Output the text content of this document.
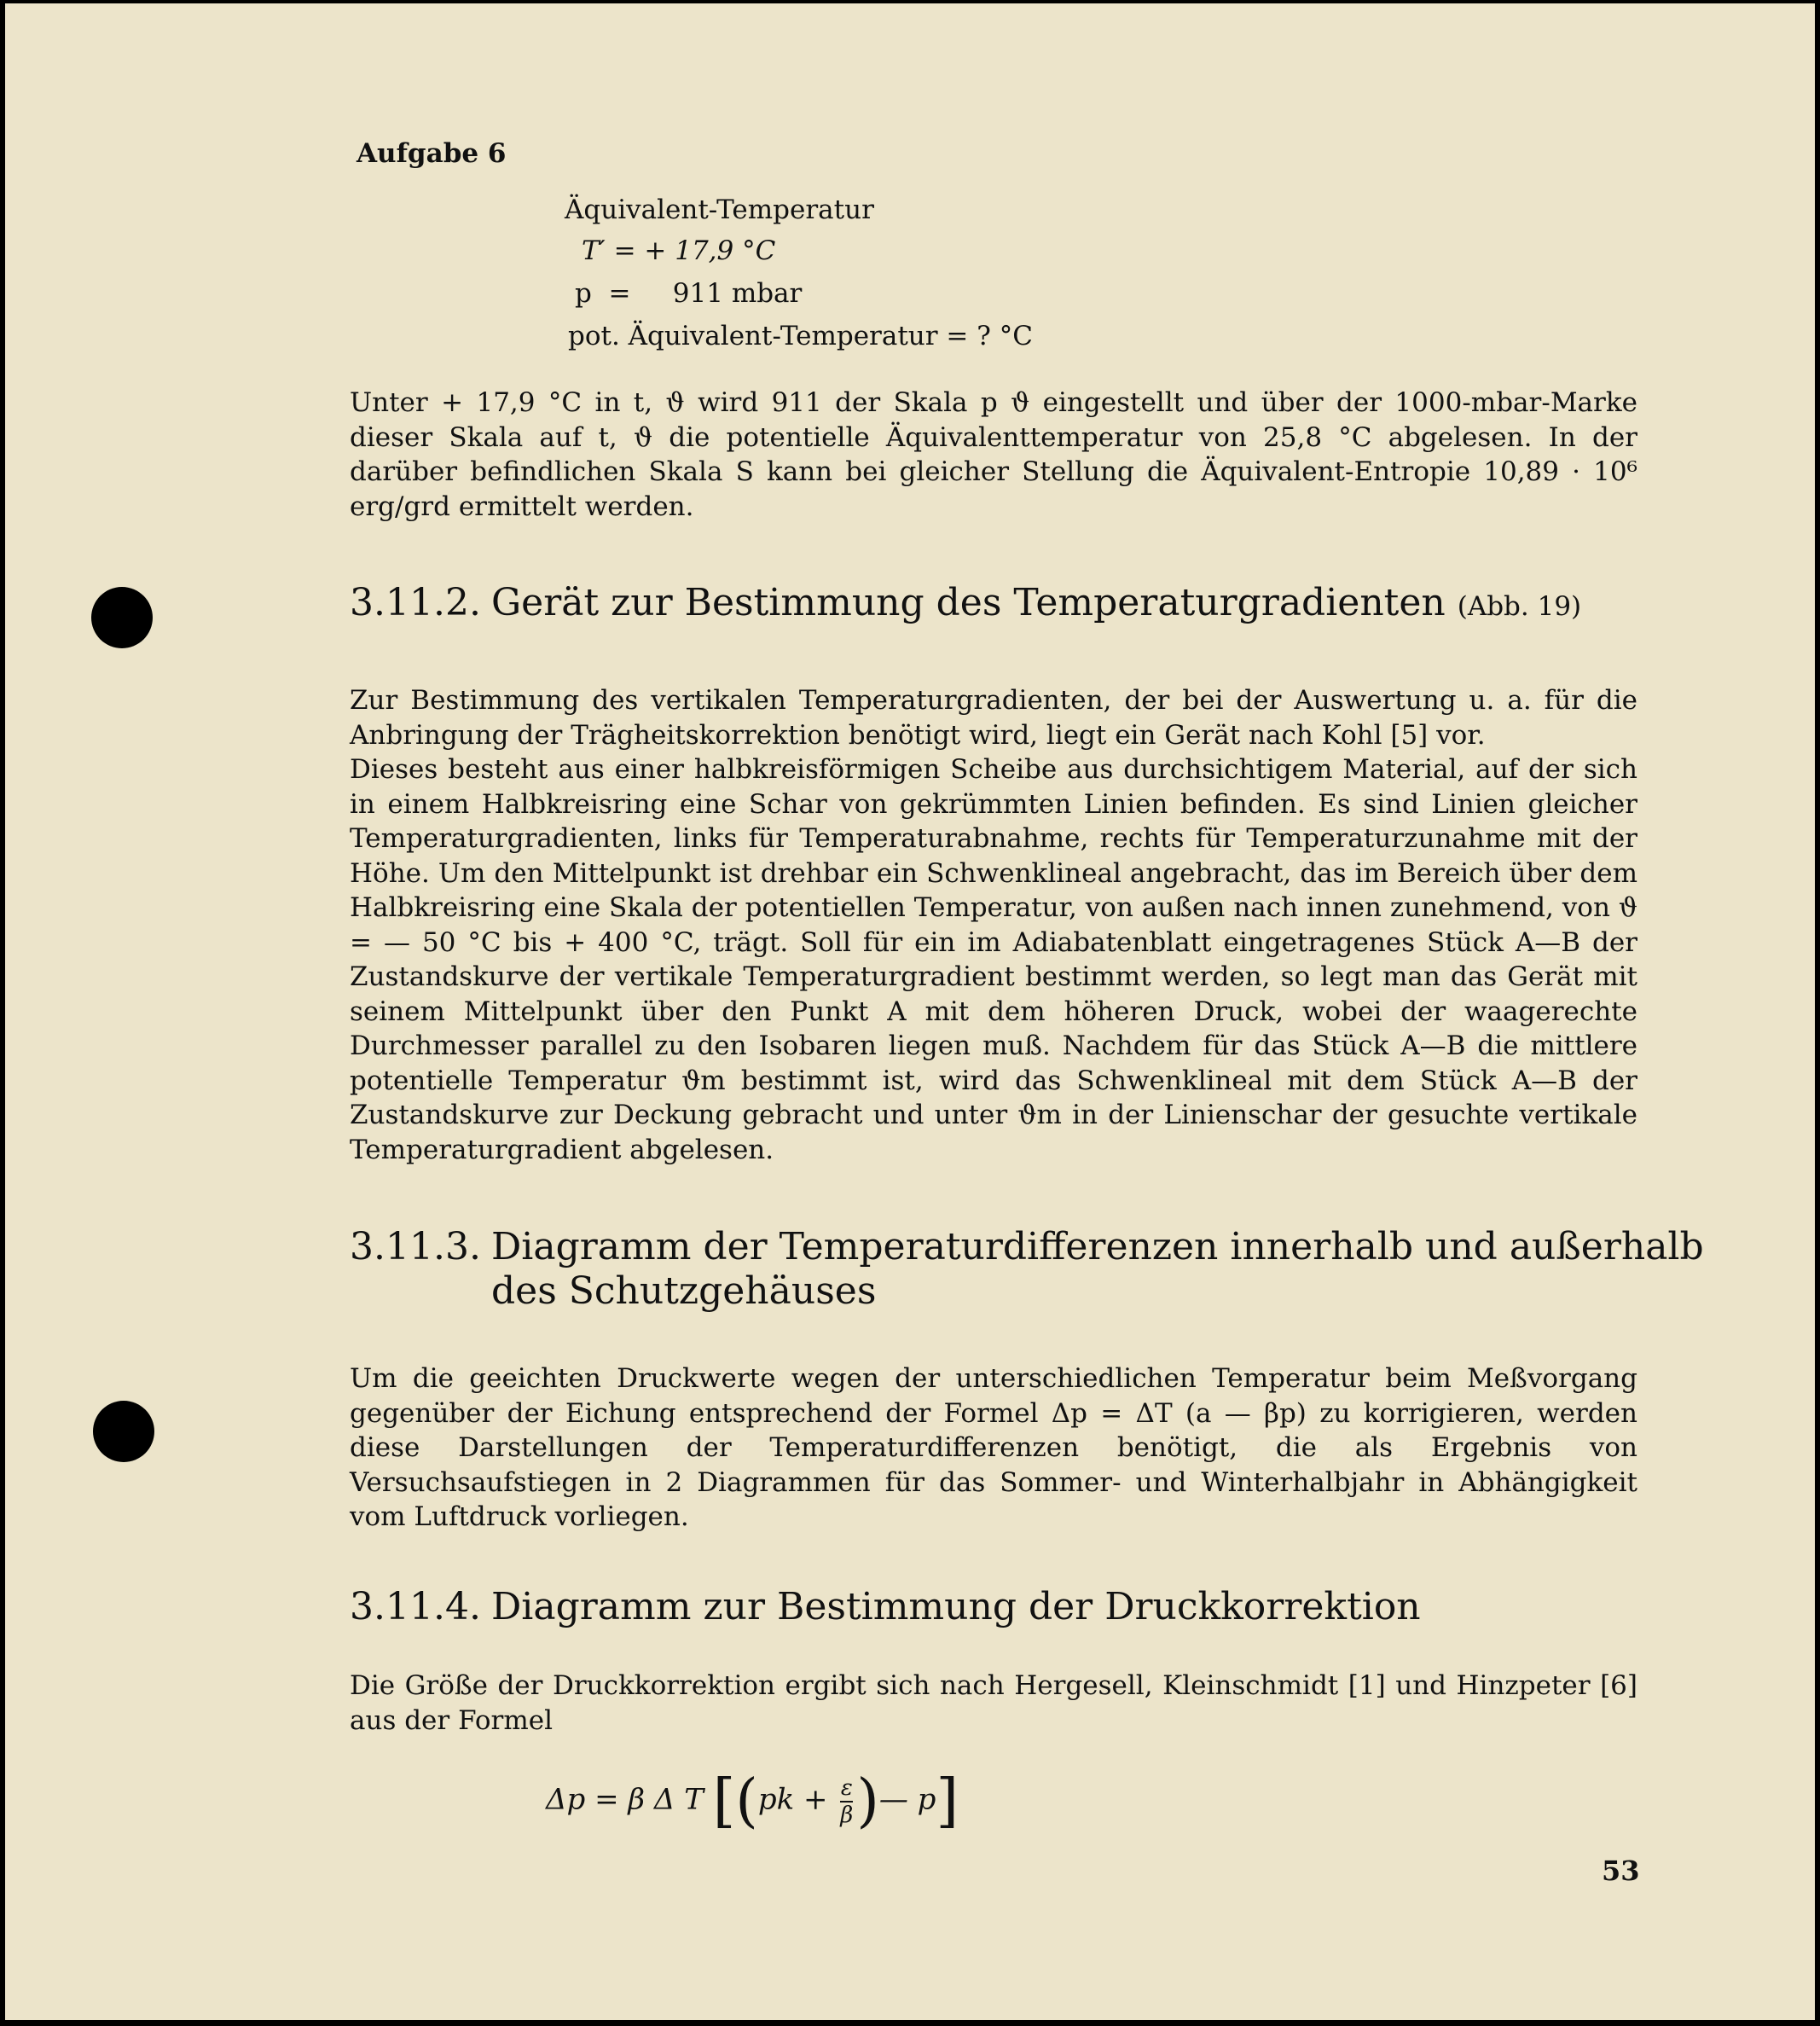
Aufgabe 6
Äquivalent-Temperatur
T′ = + 17,9 °C
p  =     911 mbar
pot. Äquivalent-Temperatur = ? °C

Unter + 17,9 °C in t, ϑ wird 911 der Skala p ϑ eingestellt und über der 1000-mbar-Marke dieser Skala auf t, ϑ die potentielle Äquivalenttemperatur von 25,8 °C abgelesen. In der darüber befindlichen Skala S kann bei gleicher Stellung die Äquivalent-Entropie 10,89 · 10⁶ erg/grd ermittelt werden.

3.11.2. Gerät zur Bestimmung des Temperaturgradienten (Abb. 19)

Zur Bestimmung des vertikalen Temperaturgradienten, der bei der Auswertung u. a. für die Anbringung der Trägheitskorrektion benötigt wird, liegt ein Gerät nach Kohl [5] vor.

Dieses besteht aus einer halbkreisförmigen Scheibe aus durchsichtigem Material, auf der sich in einem Halbkreisring eine Schar von gekrümmten Linien befinden. Es sind Linien gleicher Temperaturgradienten, links für Temperaturabnahme, rechts für Temperaturzunahme mit der Höhe. Um den Mittelpunkt ist drehbar ein Schwenklineal angebracht, das im Bereich über dem Halbkreisring eine Skala der potentiellen Temperatur, von außen nach innen zunehmend, von ϑ = — 50 °C bis + 400 °C, trägt. Soll für ein im Adiabatenblatt eingetragenes Stück A—B der Zustandskurve der vertikale Temperaturgradient bestimmt werden, so legt man das Gerät mit seinem Mittelpunkt über den Punkt A mit dem höheren Druck, wobei der waagerechte Durchmesser parallel zu den Isobaren liegen muß. Nachdem für das Stück A—B die mittlere potentielle Temperatur ϑm bestimmt ist, wird das Schwenklineal mit dem Stück A—B der Zustandskurve zur Deckung gebracht und unter ϑm in der Linienschar der gesuchte vertikale Temperaturgradient abgelesen.

3.11.3. Diagramm der Temperaturdifferenzen innerhalb und außerhalb
des Schutzgehäuses

Um die geeichten Druckwerte wegen der unterschiedlichen Temperatur beim Meßvorgang gegenüber der Eichung entsprechend der Formel Δp = ΔT (a — βp) zu korrigieren, werden diese Darstellungen der Temperaturdifferenzen benötigt, die als Ergebnis von Versuchsaufstiegen in 2 Diagrammen für das Sommer- und Winterhalbjahr in Abhängigkeit vom Luftdruck vorliegen.

3.11.4. Diagramm zur Bestimmung der Druckkorrektion

Die Größe der Druckkorrektion ergibt sich nach Hergesell, Kleinschmidt [1] und Hinzpeter [6] aus der Formel

Δp = β Δ T [($pk + \frac{\varepsilon}{\beta}$ )— p]
53
